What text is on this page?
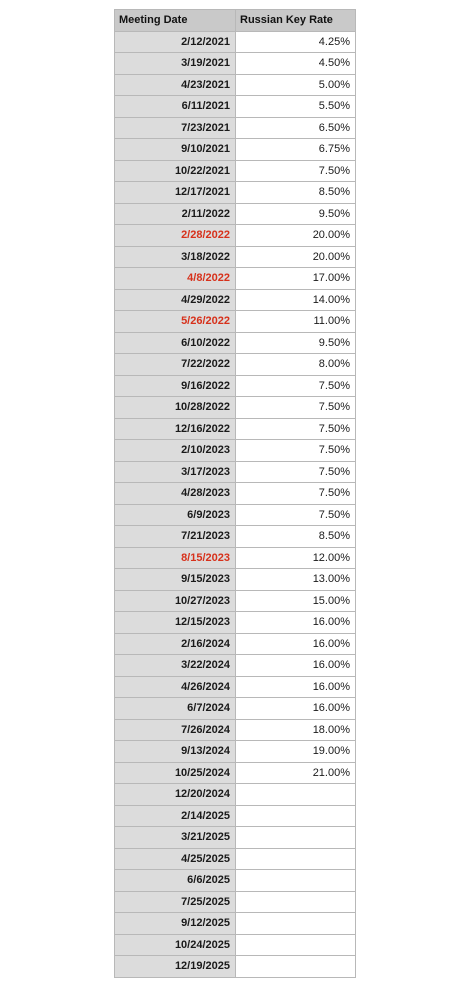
Meeting Date	Russian Key Rate
2/12/2021	4.25%
3/19/2021	4.50%
4/23/2021	5.00%
6/11/2021	5.50%
7/23/2021	6.50%
9/10/2021	6.75%
10/22/2021	7.50%
12/17/2021	8.50%
2/11/2022	9.50%
2/28/2022	20.00%
3/18/2022	20.00%
4/8/2022	17.00%
4/29/2022	14.00%
5/26/2022	11.00%
6/10/2022	9.50%
7/22/2022	8.00%
9/16/2022	7.50%
10/28/2022	7.50%
12/16/2022	7.50%
2/10/2023	7.50%
3/17/2023	7.50%
4/28/2023	7.50%
6/9/2023	7.50%
7/21/2023	8.50%
8/15/2023	12.00%
9/15/2023	13.00%
10/27/2023	15.00%
12/15/2023	16.00%
2/16/2024	16.00%
3/22/2024	16.00%
4/26/2024	16.00%
6/7/2024	16.00%
7/26/2024	18.00%
9/13/2024	19.00%
10/25/2024	21.00%
12/20/2024
2/14/2025
3/21/2025
4/25/2025
6/6/2025
7/25/2025
9/12/2025
10/24/2025
12/19/2025
